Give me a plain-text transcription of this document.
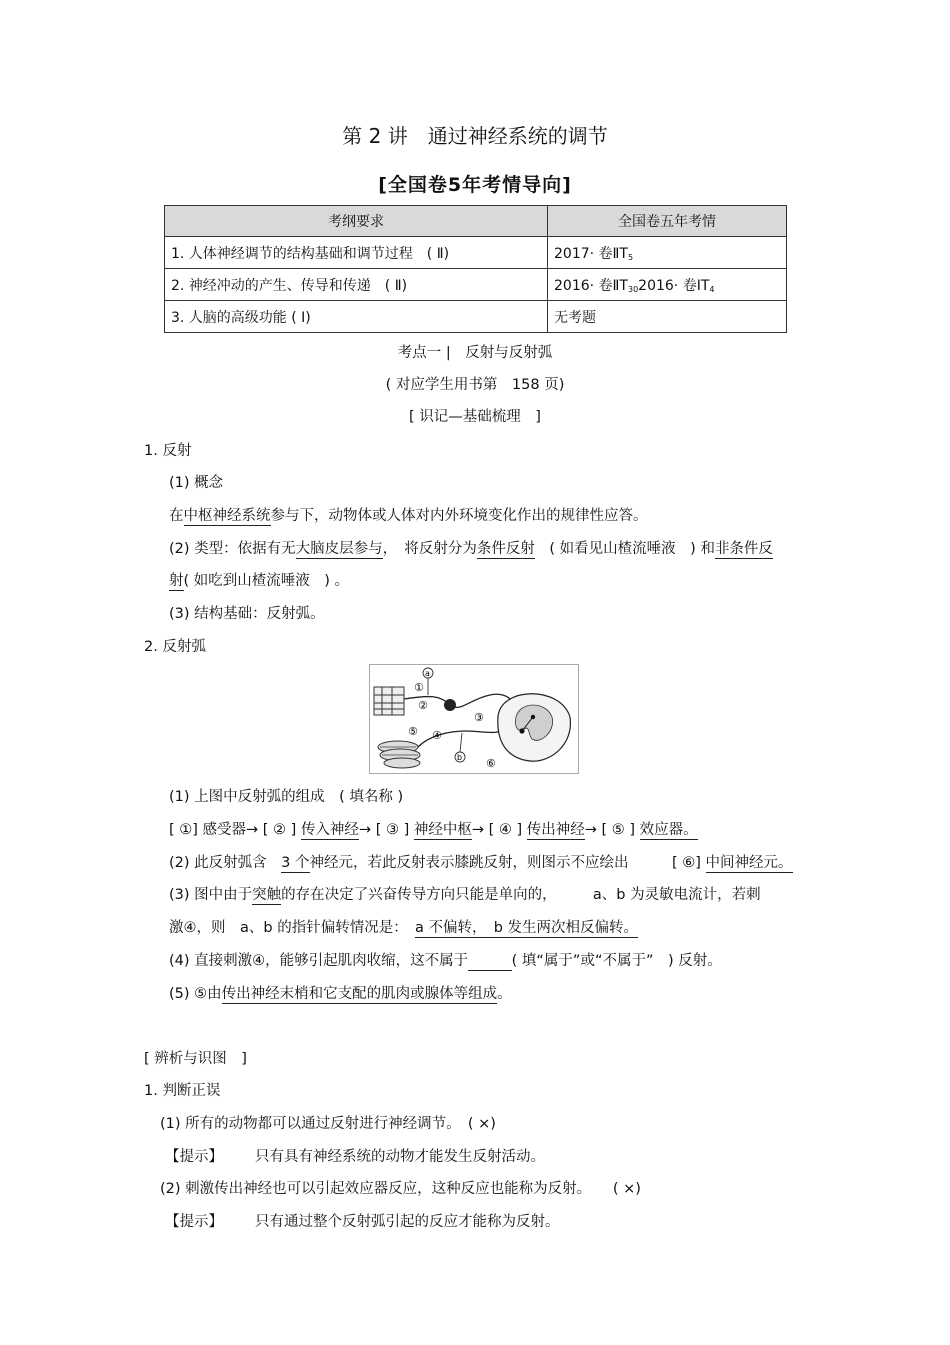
第 2 讲　通过神经系统的调节
[全国卷5年考情导向]
考纲要求	全国卷五年考情
1. 人体神经调节的结构基础和调节过程　( Ⅱ)	2017· 卷$ⅡT_5$
2. 神经冲动的产生、传导和传递　( Ⅱ)	2016· 卷$ⅡT_{30}2016\cdot$ 卷$ⅠT_4$
3. 人脑的高级功能 ( Ⅰ)	无考题
考点一 |　反射与反射弧
( 对应学生用书第　158 页)
[ 识记—基础梳理　]
1. 反射
(1) 概念
在中枢神经系统参与下，动物体或人体对内外环境变化作出的规律性应答。
(2) 类型：依据有无大脑皮层参与，　将反射分为条件反射　( 如看见山楂流唾液　) 和非条件反
射( 如吃到山楂流唾液　) 。
(3) 结构基础：反射弧。
2. 反射弧
a
b
①
②
③
④
⑤
⑥
(1) 上图中反射弧的组成　( 填名称 )
[ ①] 感受器→ [ ② ] 传入神经→ [ ③ ] 神经中枢→ [ ④ ] 传出神经→ [ ⑤ ] 效应器。
(2) 此反射弧含　3 个神经元，若此反射表示膝跳反射，则图示不应绘出　　　[ ⑥] 中间神经元。
(3) 图中由于突触的存在决定了兴奋传导方向只能是单向的，　　　a、b 为灵敏电流计，若刺
激④，则　a、b 的指针偏转情况是：　a 不偏转，　b 发生两次相反偏转。
(4) 直接刺激④，能够引起肌肉收缩，这不属于　　　	( 填“属于”或“不属于”　) 反射。
(5) ⑤由传出神经末梢和它支配的肌肉或腺体等组成。
[ 辨析与识图　]
1. 判断正误
(1) 所有的动物都可以通过反射进行神经调节。　( ×)
【提示】 只有具有神经系统的动物才能发生反射活动。
(2) 刺激传出神经也可以引起效应器反应，这种反应也能称为反射。　　( ×)
【提示】 只有通过整个反射弧引起的反应才能称为反射。
